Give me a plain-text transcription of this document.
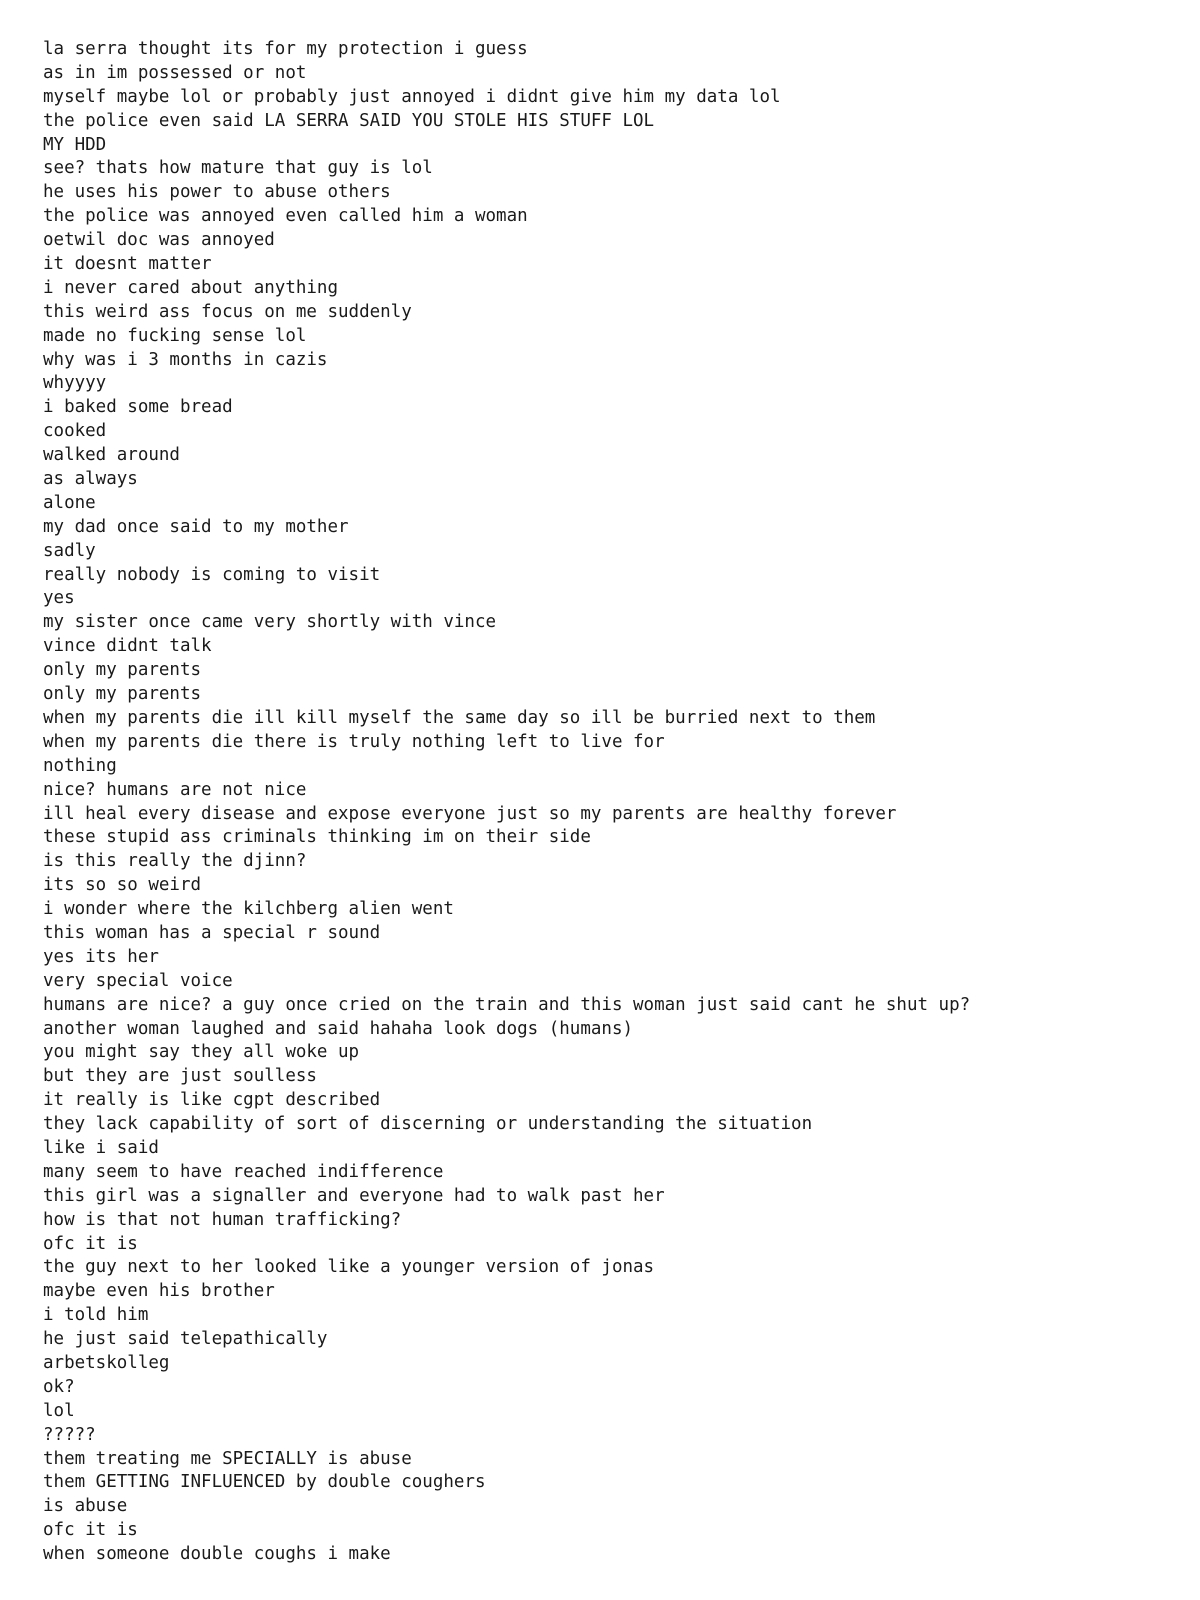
la serra thought its for my protection i guess
as in im possessed or not
myself maybe lol or probably just annoyed i didnt give him my data lol
the police even said LA SERRA SAID YOU STOLE HIS STUFF LOL
MY HDD
see? thats how mature that guy is lol
he uses his power to abuse others
the police was annoyed even called him a woman
oetwil doc was annoyed
it doesnt matter
i never cared about anything
this weird ass focus on me suddenly
made no fucking sense lol
why was i 3 months in cazis
whyyyy
i baked some bread
cooked
walked around
as always
alone
my dad once said to my mother
sadly
really nobody is coming to visit
yes
my sister once came very shortly with vince
vince didnt talk
only my parents
only my parents
when my parents die ill kill myself the same day so ill be burried next to them
when my parents die there is truly nothing left to live for
nothing
nice? humans are not nice
ill heal every disease and expose everyone just so my parents are healthy forever
these stupid ass criminals thinking im on their side
is this really the djinn?
its so so weird
i wonder where the kilchberg alien went
this woman has a special r sound
yes its her
very special voice
humans are nice? a guy once cried on the train and this woman just said cant he shut up?
another woman laughed and said hahaha look dogs (humans)
you might say they all woke up
but they are just soulless
it really is like cgpt described
they lack capability of sort of discerning or understanding the situation
like i said
many seem to have reached indifference
this girl was a signaller and everyone had to walk past her
how is that not human trafficking?
ofc it is
the guy next to her looked like a younger version of jonas
maybe even his brother
i told him
he just said telepathically
arbetskolleg
ok?
lol
?????
them treating me SPECIALLY is abuse
them GETTING INFLUENCED by double coughers
is abuse
ofc it is
when someone double coughs i make
